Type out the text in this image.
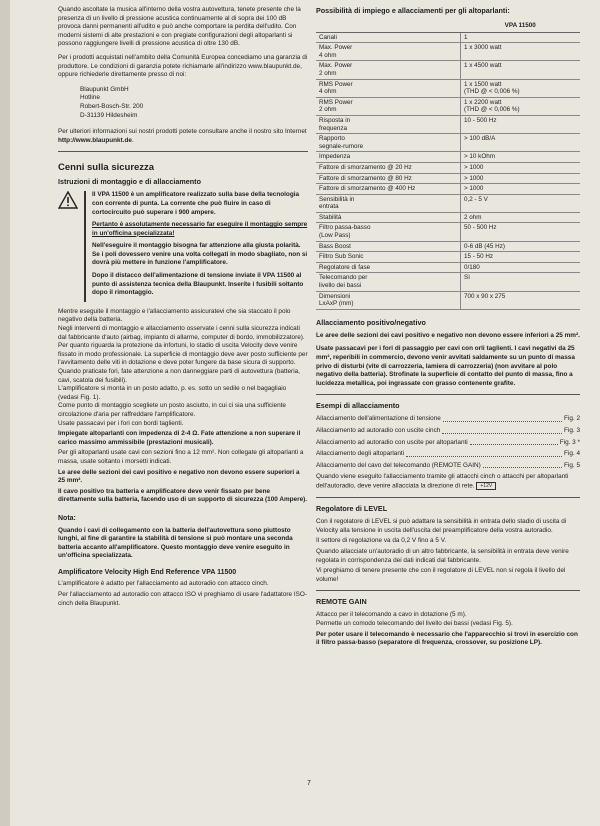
Quando ascoltate la musica all'interno della vostra autovettura, tenete presente che la presenza di un livello di pressione acustica continuamente al di sopra dei 100 dB provoca danni permanenti all'udito e può anche comportare la perdita dell'udito. Con moderni sistemi di alte prestazioni e con pregiate configurazioni degli altoparlanti si possono raggiungere livelli di pressione acustica di oltre 130 dB.

Per i prodotti acquistati nell'ambito della Comunità Europea concediamo una garanzia di produttore. Le condizioni di garanzia potete richiamarle all'indirizzo www.blaupunkt.de, oppure richiederle direttamente presso di noi:

Blaupunkt GmbH

Hotline

Robert-Bosch-Str. 200

D-31139 Hildesheim

Per ulteriori informazioni sui nostri prodotti potete consultare anche il nostro sito Internet http://www.blaupunkt.de.

Cenni sulla sicurezza
Istruzioni di montaggio e di allacciamento

Il VPA 11500 è un amplificatore realizzato sulla base della tecnologia con corrente di punta. La corrente che può fluire in caso di cortocircuito può superare i 900 ampere.

Pertanto è assolutamente necessario far eseguire il montaggio sempre in un'officina specializzata!

Nell'eseguire il montaggio bisogna far attenzione alla giusta polarità. Se i poli dovessero venire una volta collegati in modo sbagliato, non si dovrà più mettere in funzione l'amplificatore.

Dopo il distacco dell'alimentazione di tensione inviate il VPA 11500 al punto di assistenza tecnica della Blaupunkt. Inseríte i fusibili soltanto dopo il rimontaggio.

Mentre eseguite il montaggio e l'allacciamento assicuratevi che sia staccato il polo negativo della batteria.

Negli interventi di montaggio e allacciamento osservate i cenni sulla sicurezza indicati dal fabbricante d'auto (airbag, impianto di allarme, computer di bordo, immobilizzatore).

Per quanto riguarda la protezione da infortuni, lo stadio di uscita Velocity deve venire fissato in modo professionale. La superficie di montaggio deve aver posto sufficiente per l'avvitamento delle viti in dotazione e deve poter fungere da base sicura di supporto.

Quando praticate fori, fate attenzione a non danneggiare parti di autovettura (batteria, cavi, scatola dei fusibili).

L'amplificatore si monta in un posto adatto, p. es. sotto un sedile o nel bagagliaio (vedasi Fig. 1).

Come punto di montaggio scegliete un posto asciutto, in cui ci sia una sufficiente circolazione d'aria per raffreddare l'amplificatore.

Usate passacavi per i fori con bordi taglienti.

Impiegate altoparlanti con impedenza di 2-4 Ω. Fate attenzione a non superare il carico massimo ammissibile (prestazioni musicali).

Per gli altoparlanti usate cavi con sezioni fino a 12 mm². Non collegate gli altoparlanti a massa, usate soltanto i morsetti indicati.

Le aree delle sezioni dei cavi positivo e negativo non devono essere superiori a 25 mm².

Il cavo positivo tra batteria e amplificatore deve venir fissato per bene direttamente sulla batteria, facendo uso di un supporto di sicurezza (100 Ampere).

Nota:

Quando i cavi di collegamento con la batteria dell'autovettura sono piuttosto lunghi, al fine di garantire la stabilità di tensione si può montare una seconda batteria accanto all'amplificatore. Questo montaggio deve venire eseguito in un'officina specializzata.

Amplificatore Velocity High End Reference VPA 11500

L'amplificatore è adatto per l'allacciamento ad autoradio con attacco cinch.

Per l'allacciamento ad autoradio con attacco ISO vi preghiamo di usare l'adattatore ISO-cinch della Blaupunkt.

Possibilità di impiego e allacciamenti per gli altoparlanti:
	VPA 11500
Canali	1
Max. Power
4 ohm	1 x 3000 watt
Max. Power
2 ohm	1 x 4500 watt
RMS Power
4 ohm	1 x 1500 watt
(THD @ < 0,006 %)
RMS Power
2 ohm	1 x 2200 watt
(THD @ < 0,006 %)
Risposta in
frequenza	10 - 500 Hz
Rapporto
segnale-rumore	> 100 dB/A
Impedenza	> 10 kOhm
Fattore di smorzamento @ 20 Hz	> 1000
Fattore di smorzamento @ 80 Hz	> 1000
Fattore di smorzamento @ 400 Hz	> 1000
Sensibilità in
entrata	0,2 - 5 V
Stabilità	2 ohm
Filtro passa-basso
(Low Pass)	50 - 500 Hz
Bass Boost	0-6 dB (45 Hz)
Filtro Sub Sonic	15 - 50 Hz
Regolatore di fase	0/180
Telecomando per
livello dei bassi	Sì
Dimensioni
LxAxP (mm)	700 x 90 x 275
Allacciamento positivo/negativo

Le aree delle sezioni dei cavi positivo e negativo non devono essere inferiori a 25 mm².

Usate passacavi per i fori di passaggio per cavi con orli taglienti. I cavi negativi da 25 mm², reperibili in commercio, devono venir avvitati saldamente su un punto di massa privo di disturbi (vite di carrozzeria, lamiera di carrozzeria) (non avvitare al polo negativo della batteria). Strofinate la superficie di contatto del punto di massa, fino a lucidezza metallica, poi ingrassate con grasso contenente grafite.

Esempi di allacciamento
Allacciamento dell'alimentazione di tensione	Fig. 2
Allacciamento ad autoradio con uscite cinch	Fig. 3
Allacciamento ad autoradio con uscite per altoparlanti	Fig. 3 *
Allacciamento degli altoparlanti	Fig. 4
Allacciamento del cavo del telecomando (REMOTE GAIN)	Fig. 5

Quando viene eseguito l'allacciamento tramite gli attacchi cinch o attacchi per altoparlanti dell'autoradio, deve venire allacciata la direzione di rete. +12V

Regolatore di LEVEL

Con il regolatore di LEVEL si può adattare la sensibilità in entrata dello stadio di uscita di Velocity alla tensione in uscita dell'uscita del preamplificatore della vostra autoradio.

Il settore di regolazione va da 0,2 V fino a 5 V.

Quando allacciate un'autoradio di un altro fabbricante, la sensibilità in entrata deve venire regolata in corrispondenza dei dati indicati dal fabbricante.

Vi preghiamo di tenere presente che con il regolatore di LEVEL non si regola il livello del volume!

REMOTE GAIN

Attacco per il telecomando a cavo in dotazione (5 m).

Permette un comodo telecomando del livello dei bassi (vedasi Fig. 5).

Per poter usare il telecomando è necessario che l'apparecchio si trovi in esercizio con il filtro passa-basso (separatore di frequenza, crossover, su posizione LP).

7
